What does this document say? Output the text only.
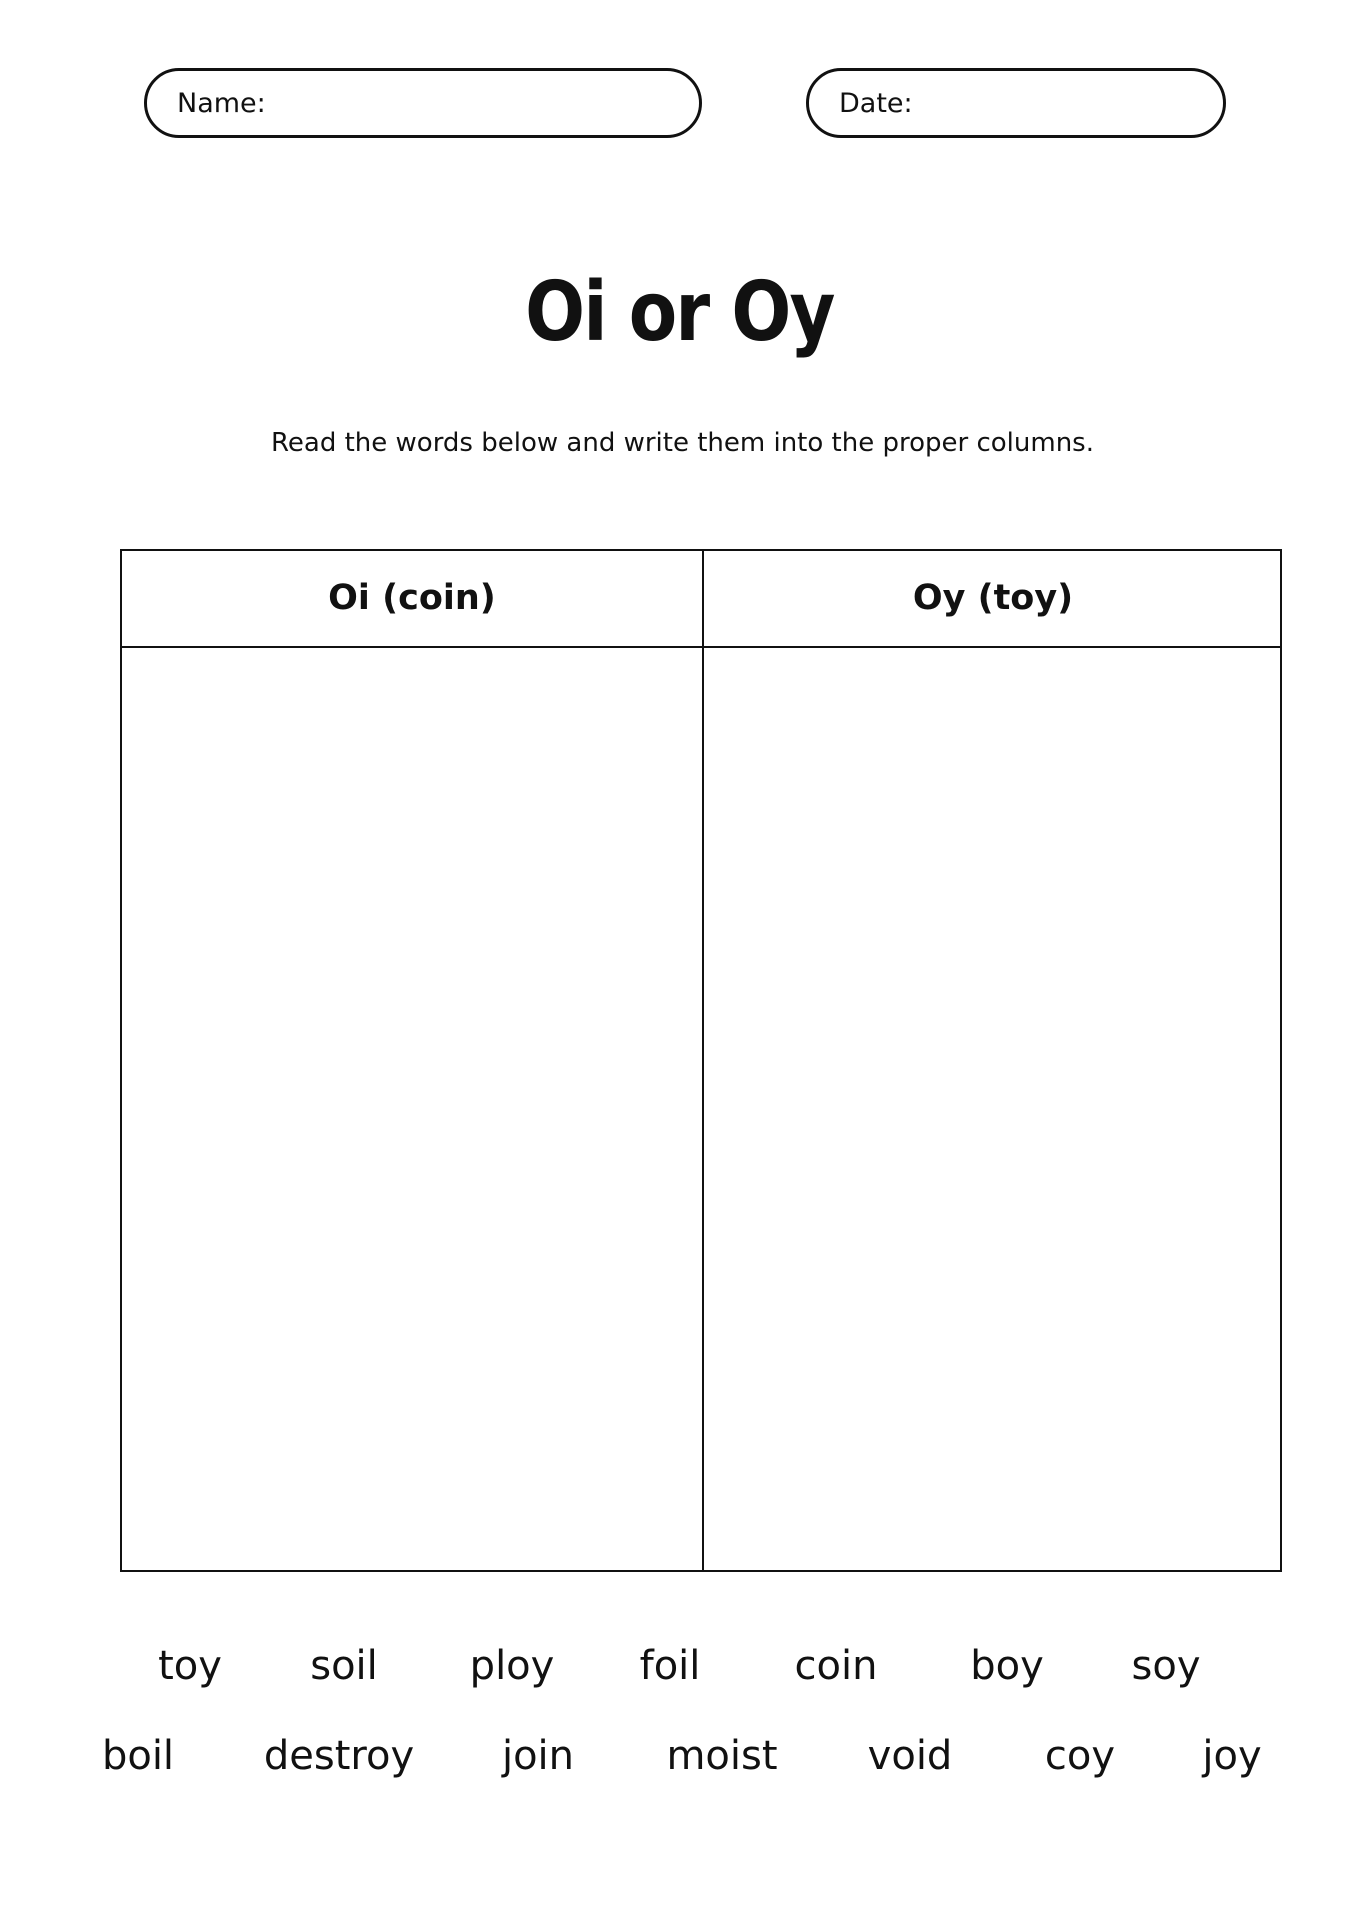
Name:	Date:
Oi or Oy
Read the words below and write them into the proper columns.
Oi (coin)	Oy (toy)
toy soil ploy foil coin boy soy
boil destroy join moist void coy joy
